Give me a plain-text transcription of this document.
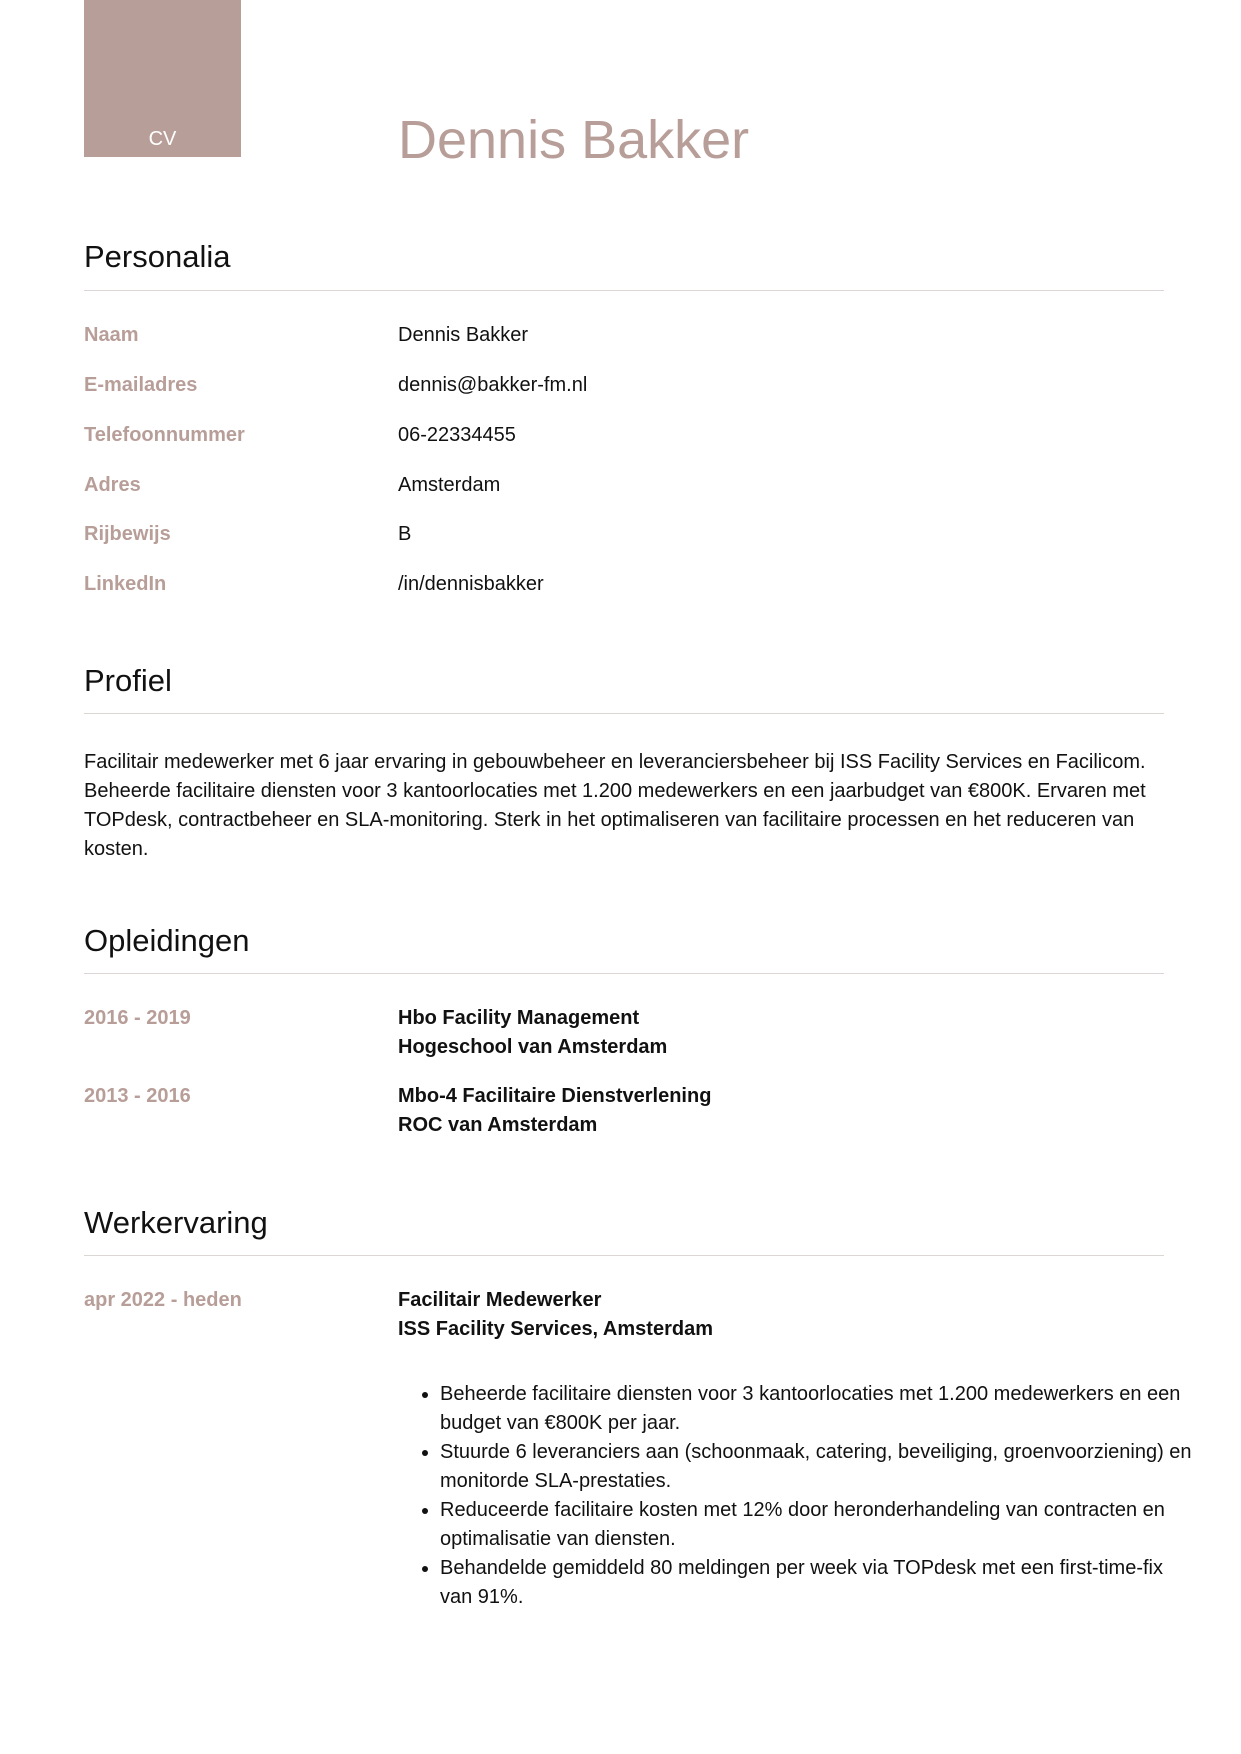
CV	Dennis Bakker
Personalia
Naam	Dennis Bakker
E-mailadres	dennis@bakker-fm.nl
Telefoonnummer	06-22334455
Adres	Amsterdam
Rijbewijs	B
LinkedIn	/in/dennisbakker
Profiel

Facilitair medewerker met 6 jaar ervaring in gebouwbeheer en leveranciersbeheer bij ISS Facility Services en Facilicom. Beheerde facilitaire diensten voor 3 kantoorlocaties met 1.200 medewerkers en een jaarbudget van €800K. Ervaren met TOPdesk, contractbeheer en SLA-monitoring. Sterk in het optimaliseren van facilitaire processen en het reduceren van kosten.

Opleidingen
2016 - 2019	Hbo Facility Management
Hogeschool van Amsterdam
2013 - 2016	Mbo-4 Facilitaire Dienstverlening
ROC van Amsterdam
Werkervaring
apr 2022 - heden	Facilitair Medewerker
ISS Facility Services, Amsterdam
• Beheerde facilitaire diensten voor 3 kantoorlocaties met 1.200 medewerkers en een budget van €800K per jaar.
• Stuurde 6 leveranciers aan (schoonmaak, catering, beveiliging, groenvoorziening) en monitorde SLA-prestaties.
• Reduceerde facilitaire kosten met 12% door heronderhandeling van contracten en optimalisatie van diensten.
• Behandelde gemiddeld 80 meldingen per week via TOPdesk met een first-time-fix van 91%.
